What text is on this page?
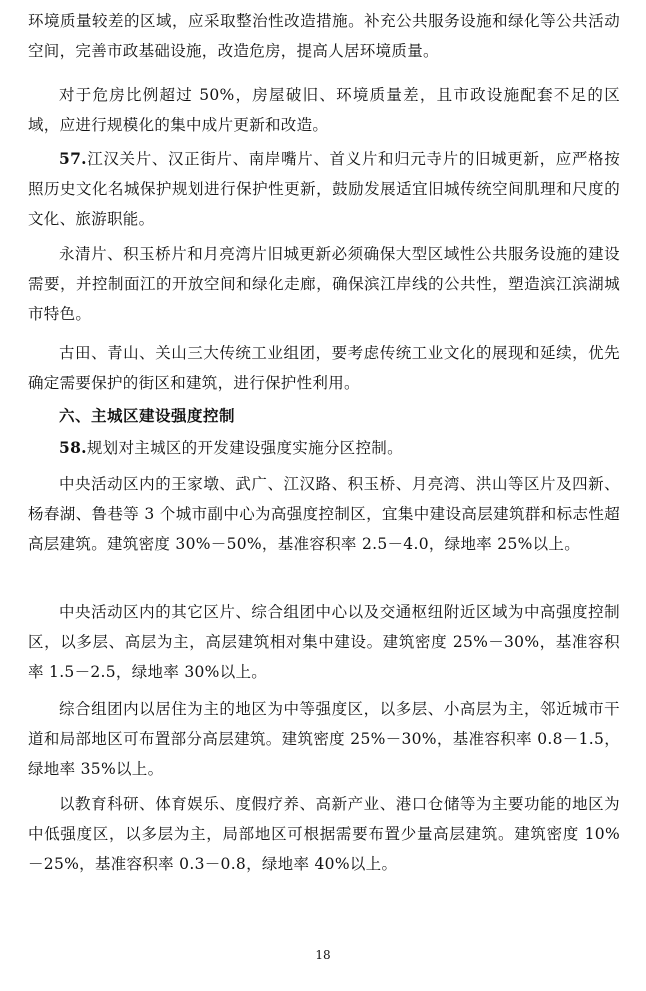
环境质量较差的区域，应采取整治性改造措施。补充公共服务设施和绿化等公共活动空间，完善市政基础设施，改造危房，提高人居环境质量。

对于危房比例超过 50%，房屋破旧、环境质量差，且市政设施配套不足的区域，应进行规模化的集中成片更新和改造。

57.江汉关片、汉正街片、南岸嘴片、首义片和归元寺片的旧城更新，应严格按照历史文化名城保护规划进行保护性更新，鼓励发展适宜旧城传统空间肌理和尺度的文化、旅游职能。

永清片、积玉桥片和月亮湾片旧城更新必须确保大型区域性公共服务设施的建设需要，并控制面江的开放空间和绿化走廊，确保滨江岸线的公共性，塑造滨江滨湖城市特色。

古田、青山、关山三大传统工业组团，要考虑传统工业文化的展现和延续，优先确定需要保护的街区和建筑，进行保护性利用。

六、主城区建设强度控制

58.规划对主城区的开发建设强度实施分区控制。

中央活动区内的王家墩、武广、江汉路、积玉桥、月亮湾、洪山等区片及四新、杨春湖、鲁巷等 3 个城市副中心为高强度控制区，宜集中建设高层建筑群和标志性超高层建筑。建筑密度 30%－50%，基准容积率 2.5－4.0，绿地率 25%以上。

中央活动区内的其它区片、综合组团中心以及交通枢纽附近区域为中高强度控制区，以多层、高层为主，高层建筑相对集中建设。建筑密度 25%－30%，基准容积率 1.5－2.5，绿地率 30%以上。

综合组团内以居住为主的地区为中等强度区，以多层、小高层为主，邻近城市干道和局部地区可布置部分高层建筑。建筑密度 25%－30%，基准容积率 0.8－1.5，绿地率 35%以上。

以教育科研、体育娱乐、度假疗养、高新产业、港口仓储等为主要功能的地区为中低强度区，以多层为主，局部地区可根据需要布置少量高层建筑。建筑密度 10%－25%，基准容积率 0.3－0.8，绿地率 40%以上。

18
